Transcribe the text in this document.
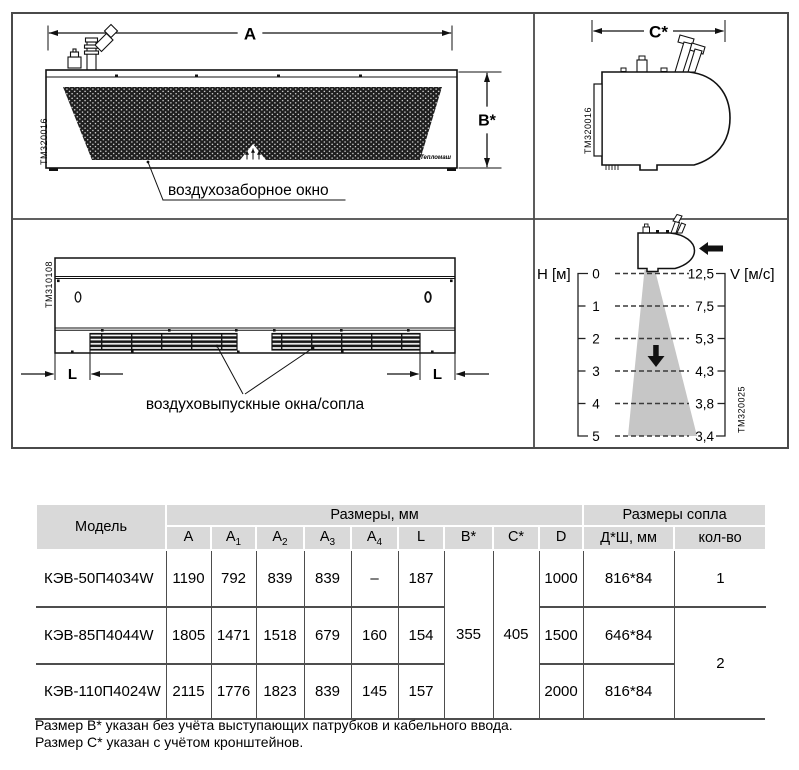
A
Тепломаш
B*
ТМ320016
воздухозаборное окно
C*
ТМ320016
L	L
ТМ310108
воздуховыпускные окна/сопла
H [м] 0
1
2
3
4
5
12,5
7,5
5,3
4,3
3,8
3,4
V [м/с]
ТМ320025
Модель	Размеры, мм									Размеры сопла	
	A	$A_1$	$A_2$	$A_3$	$A_4$	L	B*	C*	D	Д*Ш, мм	кол-во
КЭВ-50П4034W	1190	792	839	839	–	187	355	405	1000	816*84	1
КЭВ-85П4044W	1805	1471	1518	679	160	154			1500	646*84	2
КЭВ-110П4024W	2115	1776	1823	839	145	157			2000	816*84	
Размер B* указан без учёта выступающих патрубков и кабельного ввода.
Размер C* указан с учётом кронштейнов.
